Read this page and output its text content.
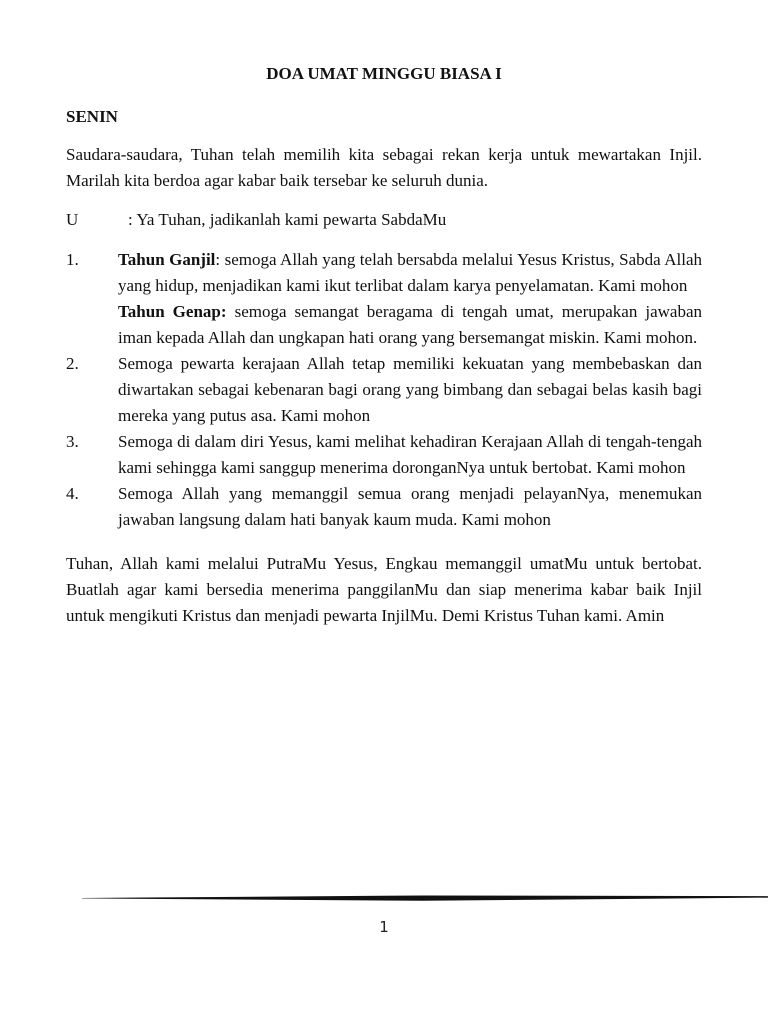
DOA UMAT MINGGU BIASA I
SENIN

Saudara-saudara, Tuhan telah memilih kita sebagai rekan kerja untuk mewartakan Injil. Marilah kita berdoa agar kabar baik tersebar ke seluruh dunia.

U	: Ya Tuhan, jadikanlah kami pewarta SabdaMu
1.	Tahun Ganjil: semoga Allah yang telah bersabda melalui Yesus Kristus, Sabda Allah yang hidup, menjadikan kami ikut terlibat dalam karya penyelamatan. Kami mohon

Tahun Genap: semoga semangat beragama di tengah umat, merupakan jawaban iman kepada Allah dan ungkapan hati orang yang bersemangat miskin. Kami mohon.

2.	Semoga pewarta kerajaan Allah tetap memiliki kekuatan yang membebaskan dan diwartakan sebagai kebenaran bagi orang yang bimbang dan sebagai belas kasih bagi mereka yang putus asa. Kami mohon
3.	Semoga di dalam diri Yesus, kami melihat kehadiran Kerajaan Allah di tengah-tengah kami sehingga kami sanggup menerima doronganNya untuk bertobat. Kami mohon
4.	Semoga Allah yang memanggil semua orang menjadi pelayanNya, menemukan jawaban langsung dalam hati banyak kaum muda. Kami mohon

Tuhan, Allah kami melalui PutraMu Yesus, Engkau memanggil umatMu untuk bertobat. Buatlah agar kami bersedia menerima panggilanMu dan siap menerima kabar baik Injil untuk mengikuti Kristus dan menjadi pewarta InjilMu. Demi Kristus Tuhan kami. Amin

1
